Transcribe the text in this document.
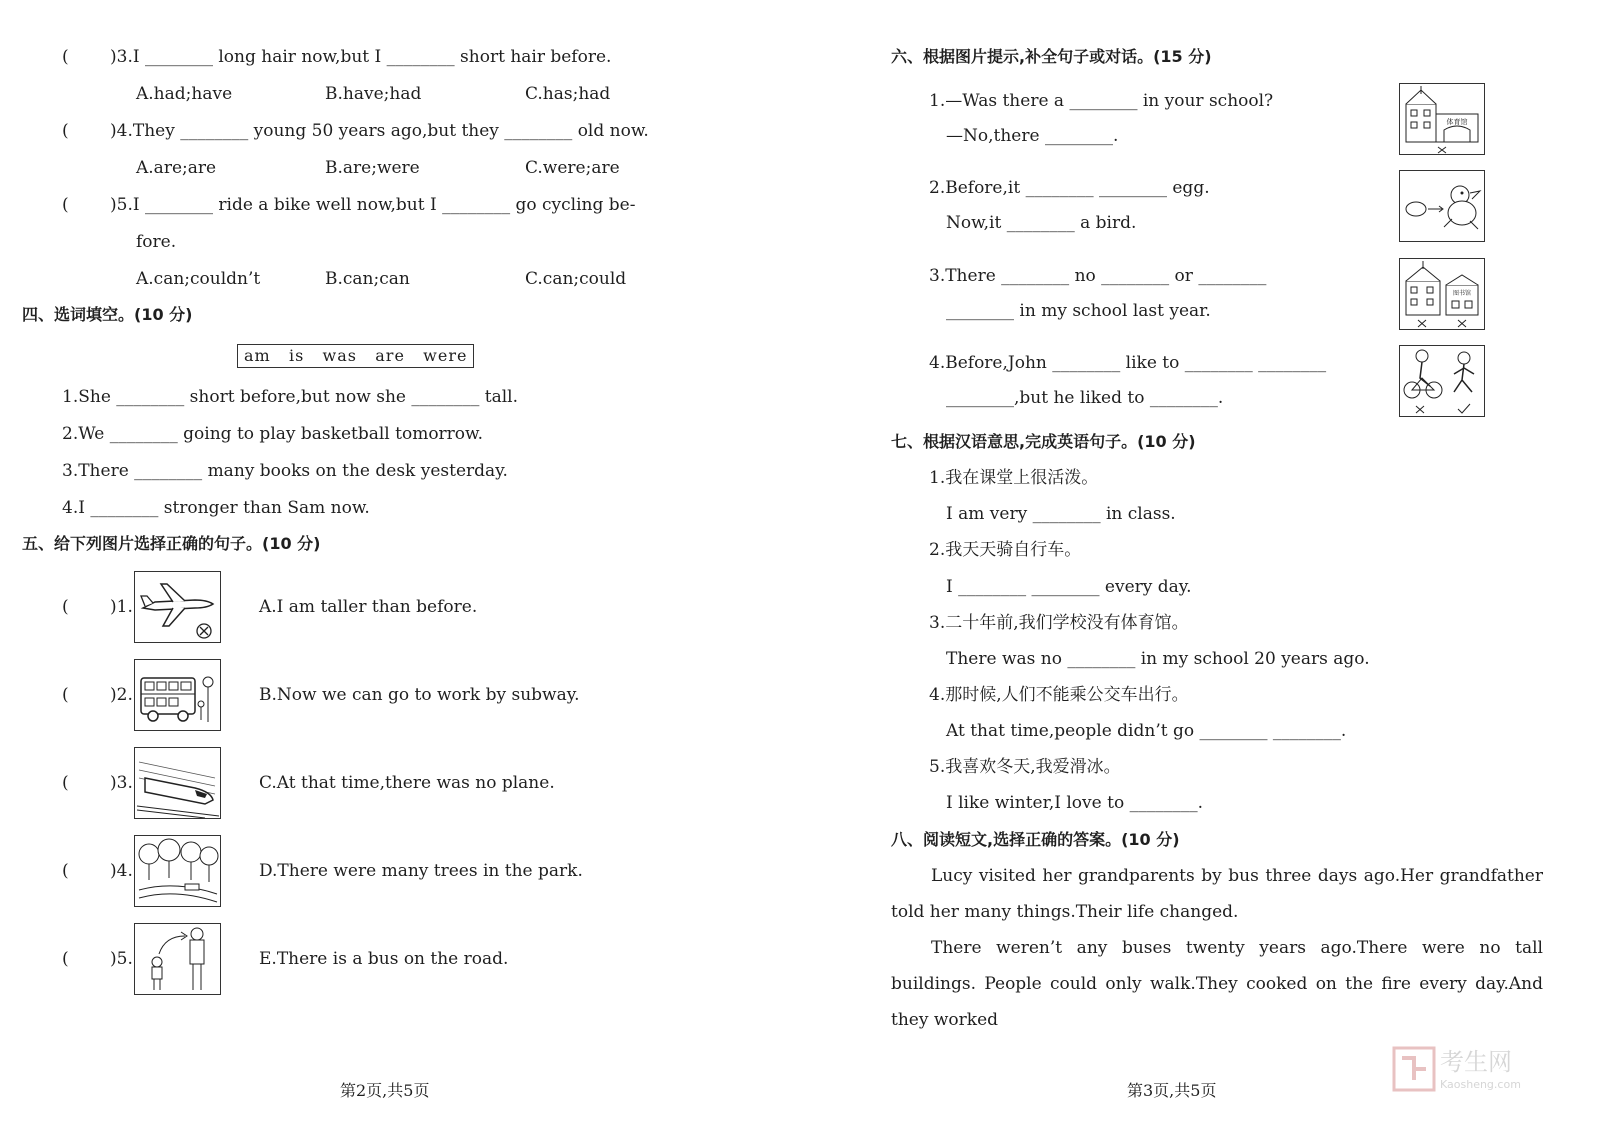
( )3.I ________ long hair now,but I ________ short hair before.
A.had;have	B.have;had	C.has;had
( )4.They ________ young 50 years ago,but they ________ old now.
A.are;are	B.are;were	C.were;are
( )5.I ________ ride a bike well now,but I ________ go cycling be-
fore.
A.can;couldn’t	B.can;can	C.can;could
四、选词填空。(10 分)
am   is   was   are   were
1.She ________ short before,but now she ________ tall.
2.We ________ going to play basketball tomorrow.
3.There ________ many books on the desk yesterday.
4.I ________ stronger than Sam now.
五、给下列图片选择正确的句子。(10 分)
( )1.	A.I am taller than before.
( )2.	B.Now we can go to work by subway.
( )3.	C.At that time,there was no plane.
( )4.	D.There were many trees in the park.
( )5.	E.There is a bus on the road.
第2页,共5页
六、根据图片提示,补全句子或对话。(15 分)
1.—Was there a ________ in your school?
—No,there ________.
2.Before,it ________ ________ egg.
Now,it ________ a bird.
3.There ________ no ________ or ________
________ in my school last year.
4.Before,John ________ like to ________ ________
________,but he liked to ________.
体育馆
图书馆
七、根据汉语意思,完成英语句子。(10 分)
1.我在课堂上很活泼。
I am very ________ in class.
2.我天天骑自行车。
I ________ ________ every day.
3.二十年前,我们学校没有体育馆。
There was no ________ in my school 20 years ago.
4.那时候,人们不能乘公交车出行。
At that time,people didn’t go ________ ________.
5.我喜欢冬天,我爱滑冰。
I like winter,I love to ________.
八、阅读短文,选择正确的答案。(10 分)
Lucy visited her grandparents by bus three days ago.Her grandfather told her many things.Their life changed.
There weren’t any buses twenty years ago.There were no tall buildings. People could only walk.They cooked on the fire every day.And they worked
第3页,共5页
考生网
Kaosheng.com
